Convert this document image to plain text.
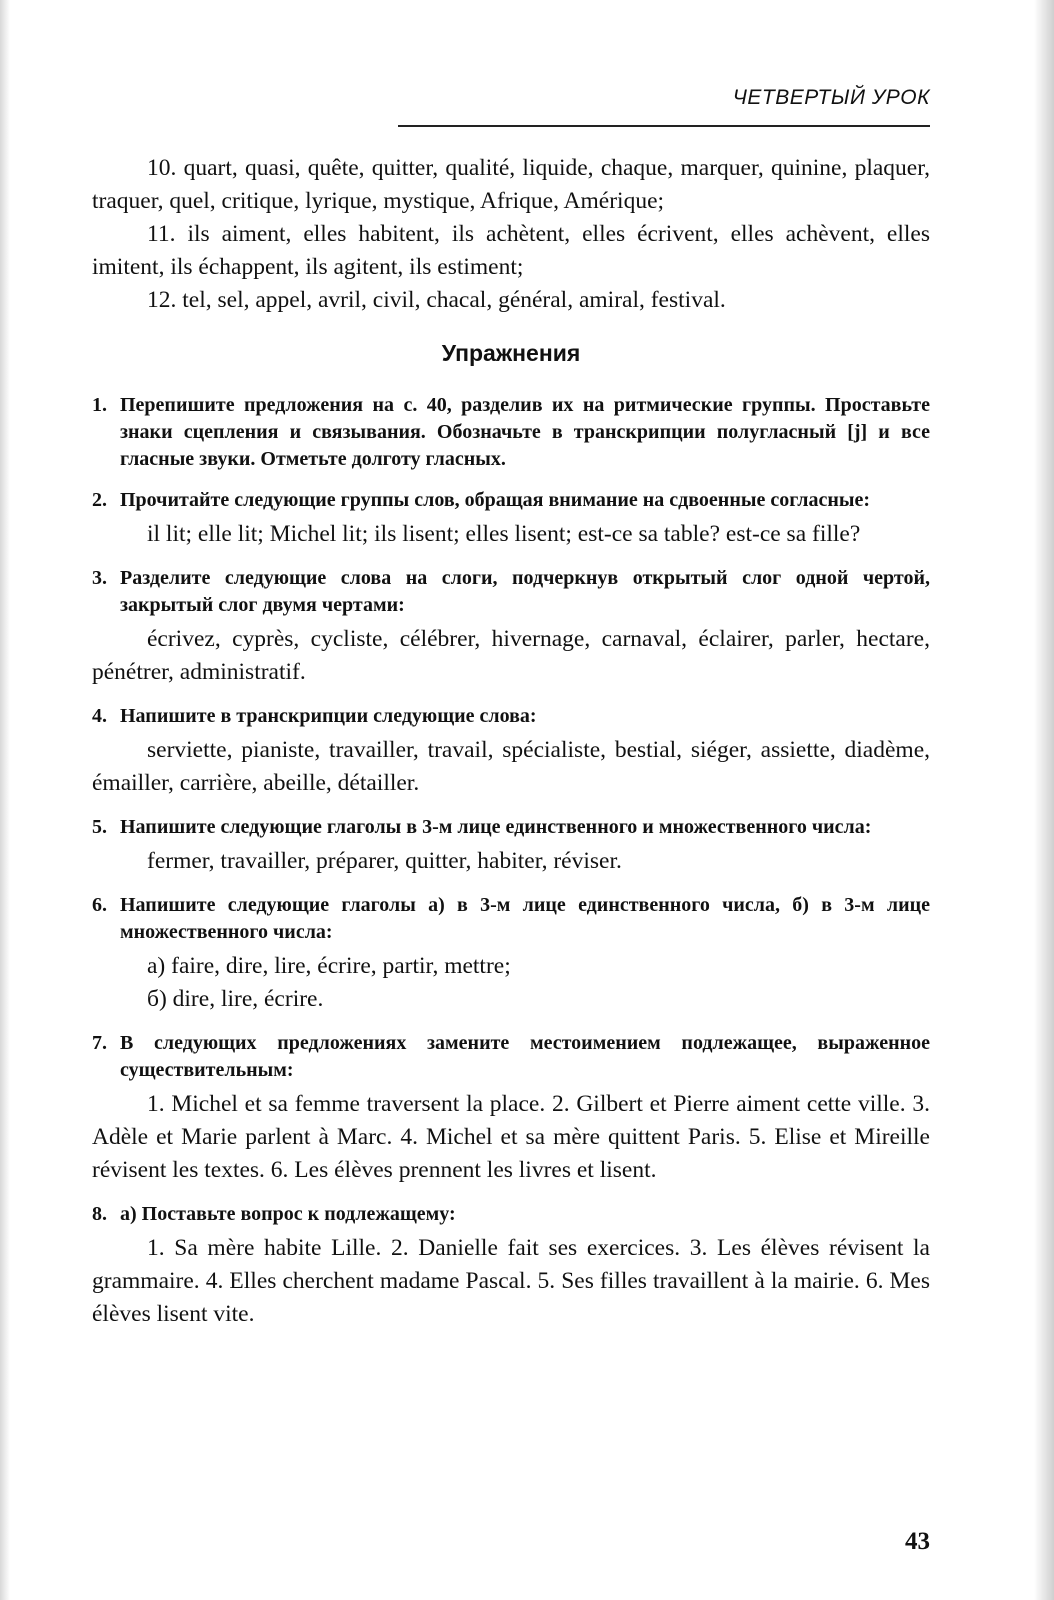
ЧЕТВЕРТЫЙ УРОК

10. quart, quasi, quête, quitter, qualité, liquide, chaque, marquer, quinine, plaquer, traquer, quel, critique, lyrique, mystique, Afrique, Amérique;

11. ils aiment, elles habitent, ils achètent, elles écrivent, elles achèvent, elles imitent, ils échappent, ils agitent, ils estiment;

12. tel, sel, appel, avril, civil, chacal, général, amiral, festival.

Упражнения
1. Перепишите предложения на с. 40, разделив их на ритмические группы. Проставьте знаки сцепления и связывания. Обозначьте в транскрипции полугласный [j] и все гласные звуки. Отметьте долготу гласных.
2. Прочитайте следующие группы слов, обращая внимание на сдвоенные согласные:

il lit; elle lit; Michel lit; ils lisent; elles lisent; est-ce sa table? est-ce sa fille?

3. Разделите следующие слова на слоги, подчеркнув открытый слог одной чертой, закрытый слог двумя чертами:

écrivez, cyprès, cycliste, célébrer, hivernage, carnaval, éclairer, parler, hectare, pénétrer, administratif.

4. Напишите в транскрипции следующие слова:

serviette, pianiste, travailler, travail, spécialiste, bestial, siéger, assiette, diadème, émailler, carrière, abeille, détailler.

5. Напишите следующие глаголы в 3-м лице единственного и множественного числа:

fermer, travailler, préparer, quitter, habiter, réviser.

6. Напишите следующие глаголы а) в 3-м лице единственного числа, б) в 3-м лице множественного числа:

а) faire, dire, lire, écrire, partir, mettre;

б) dire, lire, écrire.

7. В следующих предложениях замените местоимением подлежащее, выраженное существительным:

1. Michel et sa femme traversent la place. 2. Gilbert et Pierre aiment cette ville. 3. Adèle et Marie parlent à Marc. 4. Michel et sa mère quittent Paris. 5. Elise et Mireille révisent les textes. 6. Les élèves prennent les livres et lisent.

8. а) Поставьте вопрос к подлежащему:

1. Sa mère habite Lille. 2. Danielle fait ses exercices. 3. Les élèves révisent la grammaire. 4. Elles cherchent madame Pascal. 5. Ses filles travaillent à la mairie. 6. Mes élèves lisent vite.

43
